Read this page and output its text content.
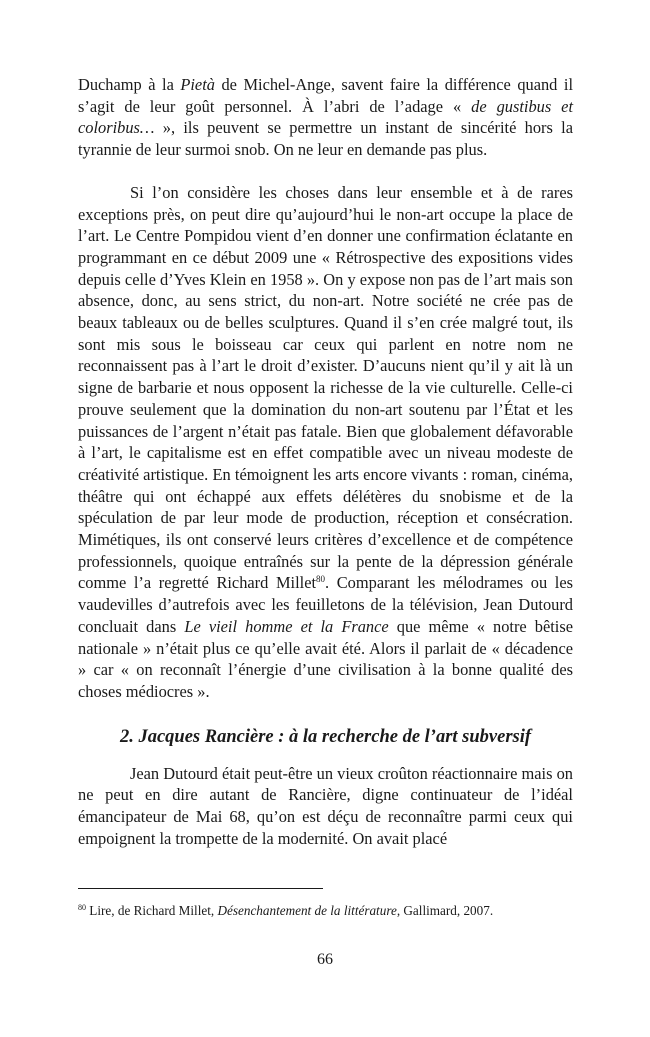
Duchamp à la Pietà de Michel-Ange, savent faire la différence quand il s’agit de leur goût personnel. À l’abri de l’adage « de gustibus et coloribus… », ils peuvent se permettre un instant de sincérité hors la tyrannie de leur surmoi snob. On ne leur en demande pas plus.

Si l’on considère les choses dans leur ensemble et à de rares exceptions près, on peut dire qu’aujourd’hui le non-art occupe la place de l’art. Le Centre Pompidou vient d’en donner une confirmation éclatante en programmant en ce début 2009 une « Rétrospective des expositions vides depuis celle d’Yves Klein en 1958 ». On y expose non pas de l’art mais son absence, donc, au sens strict, du non-art. Notre société ne crée pas de beaux tableaux ou de belles sculptures. Quand il s’en crée malgré tout, ils sont mis sous le boisseau car ceux qui parlent en notre nom ne reconnaissent pas à l’art le droit d’exister. D’aucuns nient qu’il y ait là un signe de barbarie et nous opposent la richesse de la vie culturelle. Celle-ci prouve seulement que la domination du non-art soutenu par l’État et les puissances de l’argent n’était pas fatale. Bien que globalement défavorable à l’art, le capitalisme est en effet compatible avec un niveau modeste de créativité artistique. En témoignent les arts encore vivants : roman, cinéma, théâtre qui ont échappé aux effets délétères du snobisme et de la spéculation de par leur mode de production, réception et consécration. Mimétiques, ils ont conservé leurs critères d’excellence et de compétence professionnels, quoique entraînés sur la pente de la dépression générale comme l’a regretté Richard Millet$^{80}$. Comparant les mélodrames ou les vaudevilles d’autrefois avec les feuilletons de la télévision, Jean Dutourd concluait dans Le vieil homme et la France que même « notre bêtise nationale » n’était plus ce qu’elle avait été. Alors il parlait de « décadence » car « on reconnaît l’énergie d’une civilisation à la bonne qualité des choses médiocres ».

2. Jacques Rancière : à la recherche de l’art subversif

Jean Dutourd était peut-être un vieux croûton réactionnaire mais on ne peut en dire autant de Rancière, digne continuateur de l’idéal émancipateur de Mai 68, qu’on est déçu de reconnaître parmi ceux qui empoignent la trompette de la modernité. On avait placé

$^{80}$ Lire, de Richard Millet, Désenchantement de la littérature, Gallimard, 2007.
66
